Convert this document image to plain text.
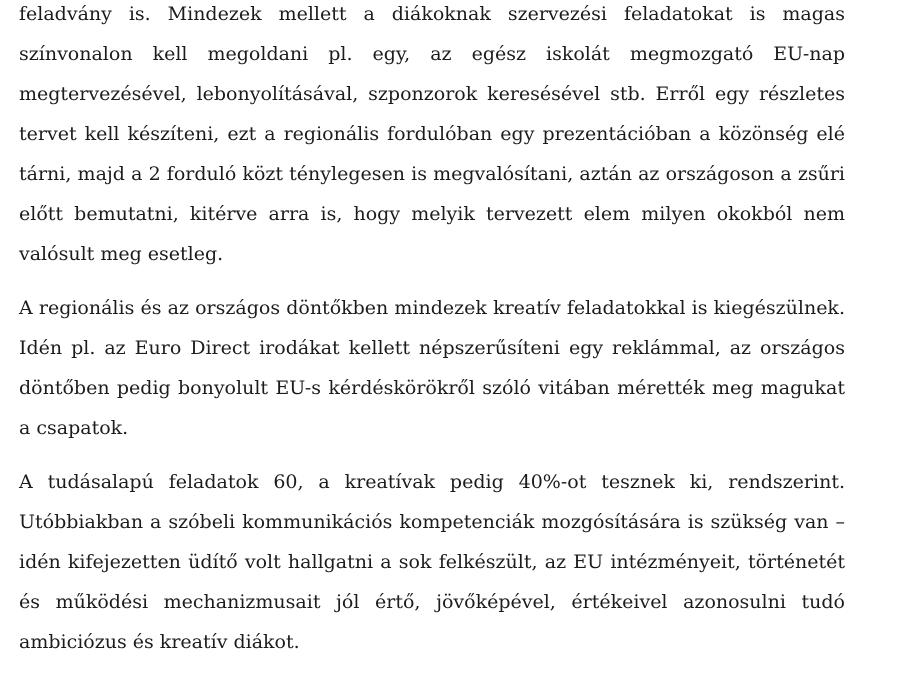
feladvány is. Mindezek mellett a diákoknak szervezési feladatokat is magas
színvonalon kell megoldani pl. egy, az egész iskolát megmozgató EU-nap
megtervezésével, lebonyolításával, szponzorok keresésével stb. Erről egy részletes
tervet kell készíteni, ezt a regionális fordulóban egy prezentációban a közönség elé
tárni, majd a 2 forduló közt ténylegesen is megvalósítani, aztán az országoson a zsűri
előtt bemutatni, kitérve arra is, hogy melyik tervezett elem milyen okokból nem
valósult meg esetleg.
A regionális és az országos döntőkben mindezek kreatív feladatokkal is kiegészülnek.
Idén pl. az Euro Direct irodákat kellett népszerűsíteni egy reklámmal, az országos
döntőben pedig bonyolult EU-s kérdéskörökről szóló vitában mérették meg magukat
a csapatok.
A tudásalapú feladatok 60, a kreatívak pedig 40%-ot tesznek ki, rendszerint.
Utóbbiakban a szóbeli kommunikációs kompetenciák mozgósítására is szükség van –
idén kifejezetten üdítő volt hallgatni a sok felkészült, az EU intézményeit, történetét
és működési mechanizmusait jól értő, jövőképével, értékeivel azonosulni tudó
ambiciózus és kreatív diákot.
